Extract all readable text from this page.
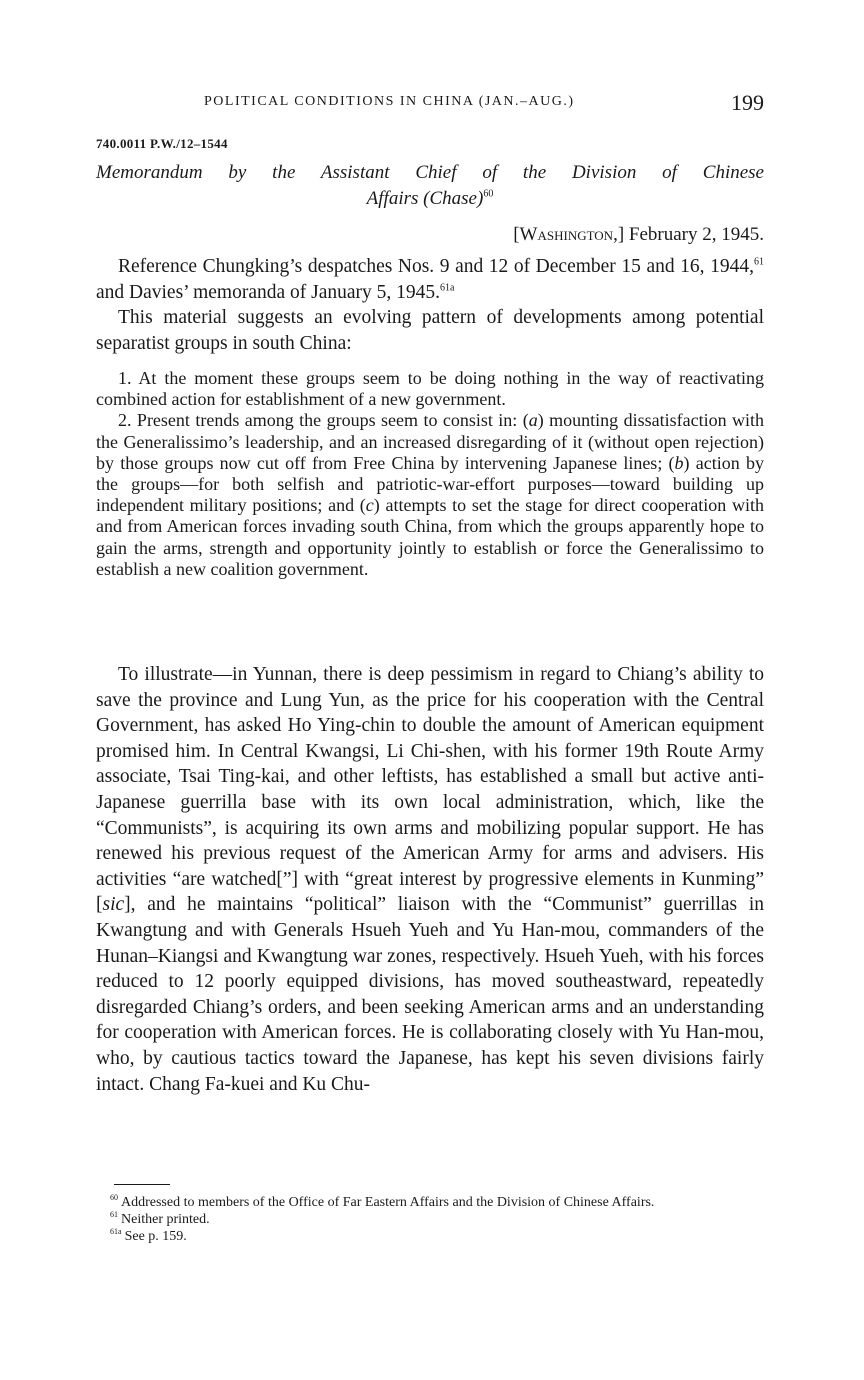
POLITICAL CONDITIONS IN CHINA (JAN.–AUG.)	199
740.0011 P.W./12–1544
Memorandum by the Assistant Chief of the Division of Chinese
Affairs (Chase)$^{60}$
[Washington,] February 2, 1945.

Reference Chungking’s despatches Nos. 9 and 12 of December 15 and 16, 1944,61 and Davies’ memoranda of January 5, 1945.$^{61a}$

This material suggests an evolving pattern of developments among potential separatist groups in south China:

1. At the moment these groups seem to be doing nothing in the way of reactivating combined action for establishment of a new government.

2. Present trends among the groups seem to consist in: (a) mounting dissatisfaction with the Generalissimo’s leadership, and an increased disregarding of it (without open rejection) by those groups now cut off from Free China by intervening Japanese lines; (b) action by the groups—for both selfish and patriotic-war-effort purposes—toward building up independent military positions; and (c) attempts to set the stage for direct cooperation with and from American forces invading south China, from which the groups apparently hope to gain the arms, strength and opportunity jointly to establish or force the Generalissimo to establish a new coalition government.

To illustrate—in Yunnan, there is deep pessimism in regard to Chiang’s ability to save the province and Lung Yun, as the price for his cooperation with the Central Government, has asked Ho Ying-chin to double the amount of American equipment promised him. In Central Kwangsi, Li Chi-shen, with his former 19th Route Army associate, Tsai Ting-kai, and other leftists, has established a small but active anti-Japanese guerrilla base with its own local administration, which, like the “Communists”, is acquiring its own arms and mobilizing popular support. He has renewed his previous request of the American Army for arms and advisers. His activities “are watched[”] with “great interest by progressive elements in Kunming” [sic], and he maintains “political” liaison with the “Communist” guerrillas in Kwangtung and with Generals Hsueh Yueh and Yu Han-mou, commanders of the Hunan–Kiangsi and Kwangtung war zones, respectively. Hsueh Yueh, with his forces reduced to 12 poorly equipped divisions, has moved southeastward, repeatedly disregarded Chiang’s orders, and been seeking American arms and an understanding for cooperation with American forces. He is collaborating closely with Yu Han-mou, who, by cautious tactics toward the Japanese, has kept his seven divisions fairly intact. Chang Fa-kuei and Ku Chu-

$^{60}$ Addressed to members of the Office of Far Eastern Affairs and the Division of Chinese Affairs.

$^{61}$ Neither printed.

$^{61a}$ See p. 159.
